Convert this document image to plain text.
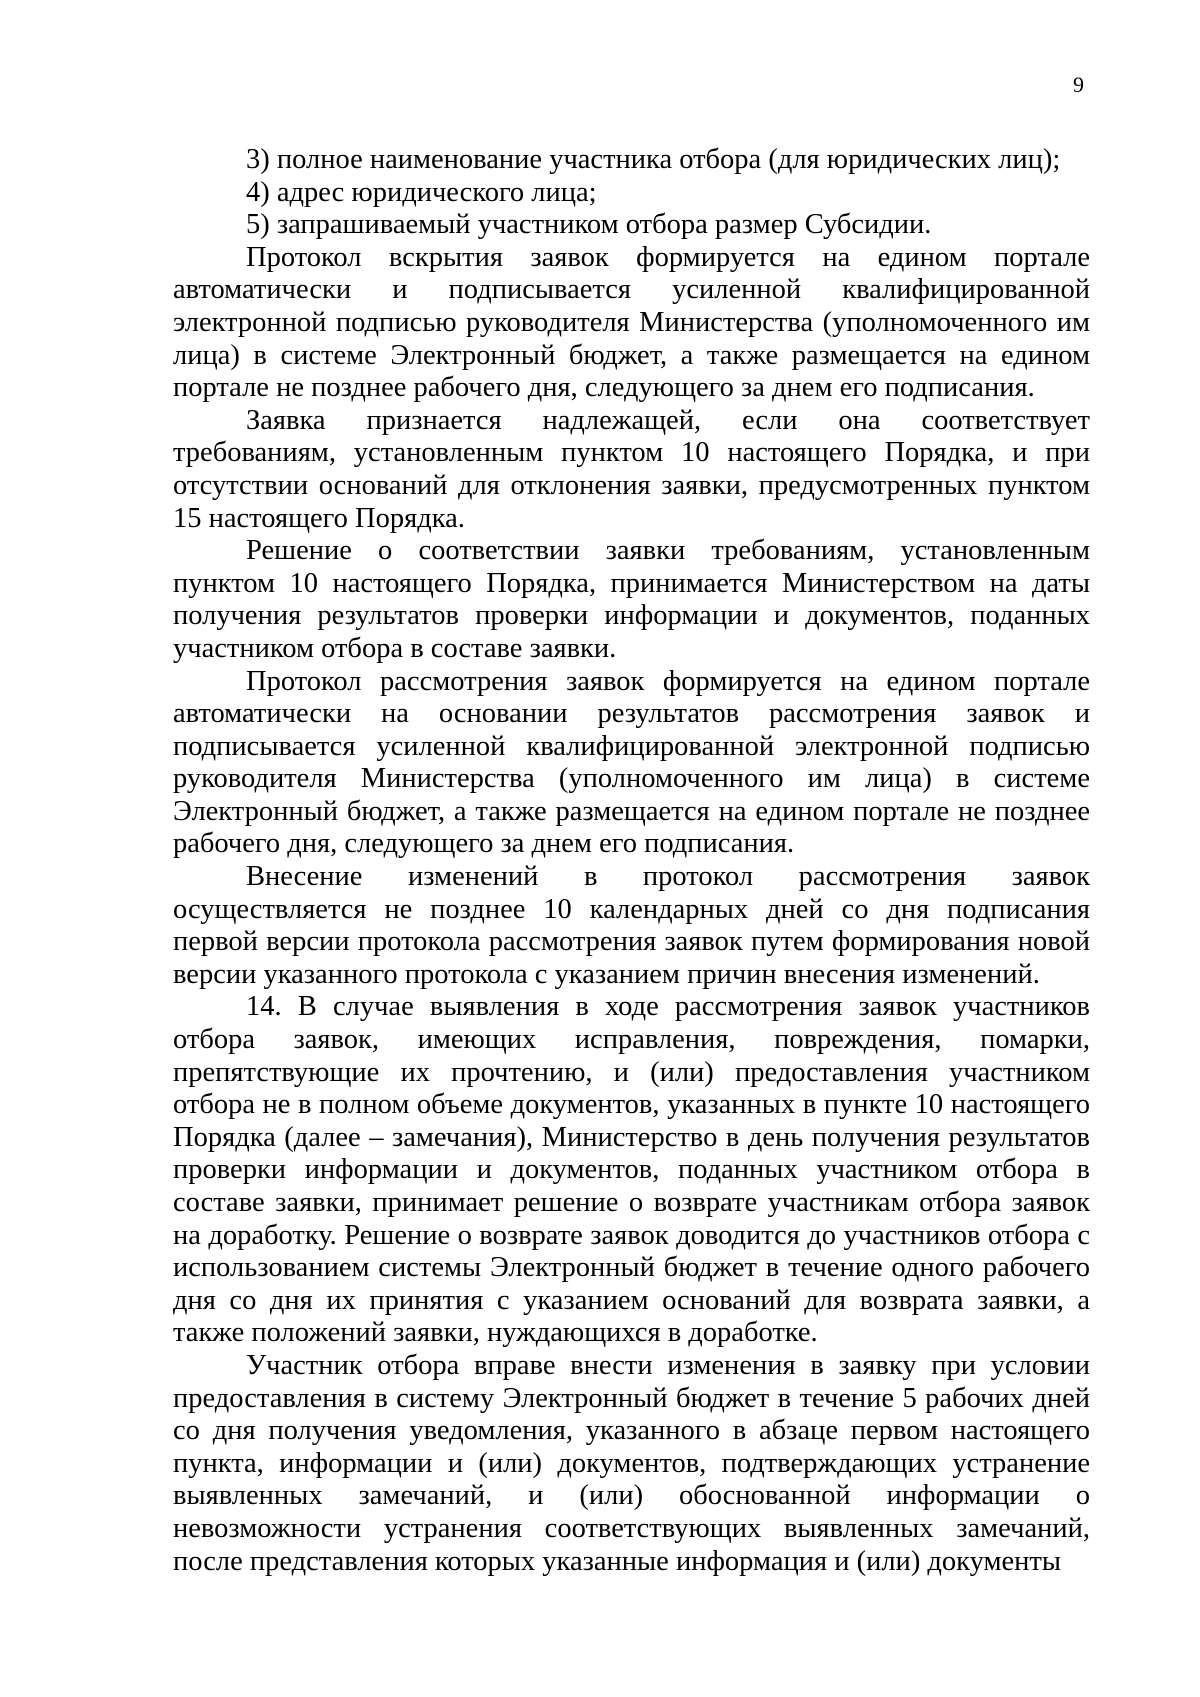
9

3) полное наименование участника отбора (для юридических лиц);

4) адрес юридического лица;

5) запрашиваемый участником отбора размер Субсидии.

Протокол вскрытия заявок формируется на едином портале автоматически и подписывается усиленной квалифицированной электронной подписью руководителя Министерства (уполномоченного им лица) в системе Электронный бюджет, а также размещается на едином портале не позднее рабочего дня, следующего за днем его подписания.

Заявка признается надлежащей, если она соответствует требованиям, установленным пунктом 10 настоящего Порядка, и при отсутствии оснований для отклонения заявки, предусмотренных пунктом 15 настоящего Порядка.

Решение о соответствии заявки требованиям, установленным пунктом 10 настоящего Порядка, принимается Министерством на даты получения результатов проверки информации и документов, поданных участником отбора в составе заявки.

Протокол рассмотрения заявок формируется на едином портале автоматически на основании результатов рассмотрения заявок и подписывается усиленной квалифицированной электронной подписью руководителя Министерства (уполномоченного им лица) в системе Электронный бюджет, а также размещается на едином портале не позднее рабочего дня, следующего за днем его подписания.

Внесение изменений в протокол рассмотрения заявок осуществляется не позднее 10 календарных дней со дня подписания первой версии протокола рассмотрения заявок путем формирования новой версии указанного протокола с указанием причин внесения изменений.

14. В случае выявления в ходе рассмотрения заявок участников отбора заявок, имеющих исправления, повреждения, помарки, препятствующие их прочтению, и (или) предоставления участником отбора не в полном объеме документов, указанных в пункте 10 настоящего Порядка (далее – замечания), Министерство в день получения результатов проверки информации и документов, поданных участником отбора в составе заявки, принимает решение о возврате участникам отбора заявок на доработку. Решение о возврате заявок доводится до участников отбора с использованием системы Электронный бюджет в течение одного рабочего дня со дня их принятия с указанием оснований для возврата заявки, а также положений заявки, нуждающихся в доработке.

Участник отбора вправе внести изменения в заявку при условии предоставления в систему Электронный бюджет в течение 5 рабочих дней со дня получения уведомления, указанного в абзаце первом настоящего пункта, информации и (или) документов, подтверждающих устранение выявленных замечаний, и (или) обоснованной информации о невозможности устранения соответствующих выявленных замечаний, после представления которых указанные информация и (или) документы
